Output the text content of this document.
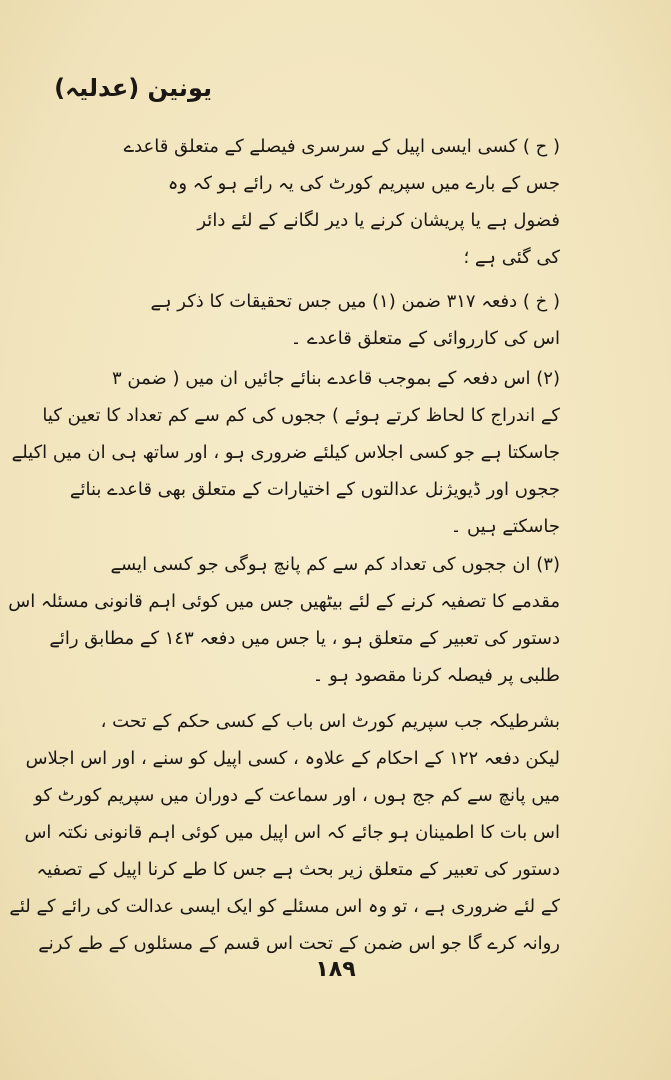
یونین (عدلیہ)
( ح ) کسی ایسی اپیل کے سرسری فیصلے کے متعلق قاعدے
جس کے بارے میں سپریم کورٹ کی یہ رائے ہو کہ وہ
فضول ہے یا پریشان کرنے یا دیر لگانے کے لئے دائر
کی گئی ہے ؛
( خ ) دفعہ ٣١٧ ضمن (١) میں جس تحقیقات کا ذکر ہے
اس کی کارروائی کے متعلق قاعدے ۔
(٢) اس دفعہ کے بموجب قاعدے بنائے جائیں ان میں ( ضمن ٣
کے اندراج کا لحاظ کرتے ہوئے ) ججوں کی کم سے کم تعداد کا تعین کیا
جاسکتا ہے جو کسی اجلاس کیلئے ضروری ہو ، اور ساتھ ہی ان میں اکیلے
ججوں اور ڈیویژنل عدالتوں کے اختیارات کے متعلق بھی قاعدے بنائے
جاسکتے ہیں ۔
(٣) ان ججوں کی تعداد کم سے کم پانچ ہوگی جو کسی ایسے
مقدمے کا تصفیہ کرنے کے لئے بیٹھیں جس میں کوئی اہم قانونی مسئلہ اس
دستور کی تعبیر کے متعلق ہو ، یا جس میں دفعہ ١٤٣ کے مطابق رائے
طلبی پر فیصلہ کرنا مقصود ہو ۔
بشرطیکہ جب سپریم کورٹ اس باب کے کسی حکم کے تحت ،
لیکن دفعہ ١٢٢ کے احکام کے علاوہ ، کسی اپیل کو سنے ، اور اس اجلاس
میں پانچ سے کم جج ہوں ، اور سماعت کے دوران میں سپریم کورٹ کو
اس بات کا اطمینان ہو جائے کہ اس اپیل میں کوئی اہم قانونی نکتہ اس
دستور کی تعبیر کے متعلق زیر بحث ہے جس کا طے کرنا اپیل کے تصفیہ
کے لئے ضروری ہے ، تو وہ اس مسئلے کو ایک ایسی عدالت کی رائے کے لئے
روانہ کرے گا جو اس ضمن کے تحت اس قسم کے مسئلوں کے طے کرنے
١٨٩
